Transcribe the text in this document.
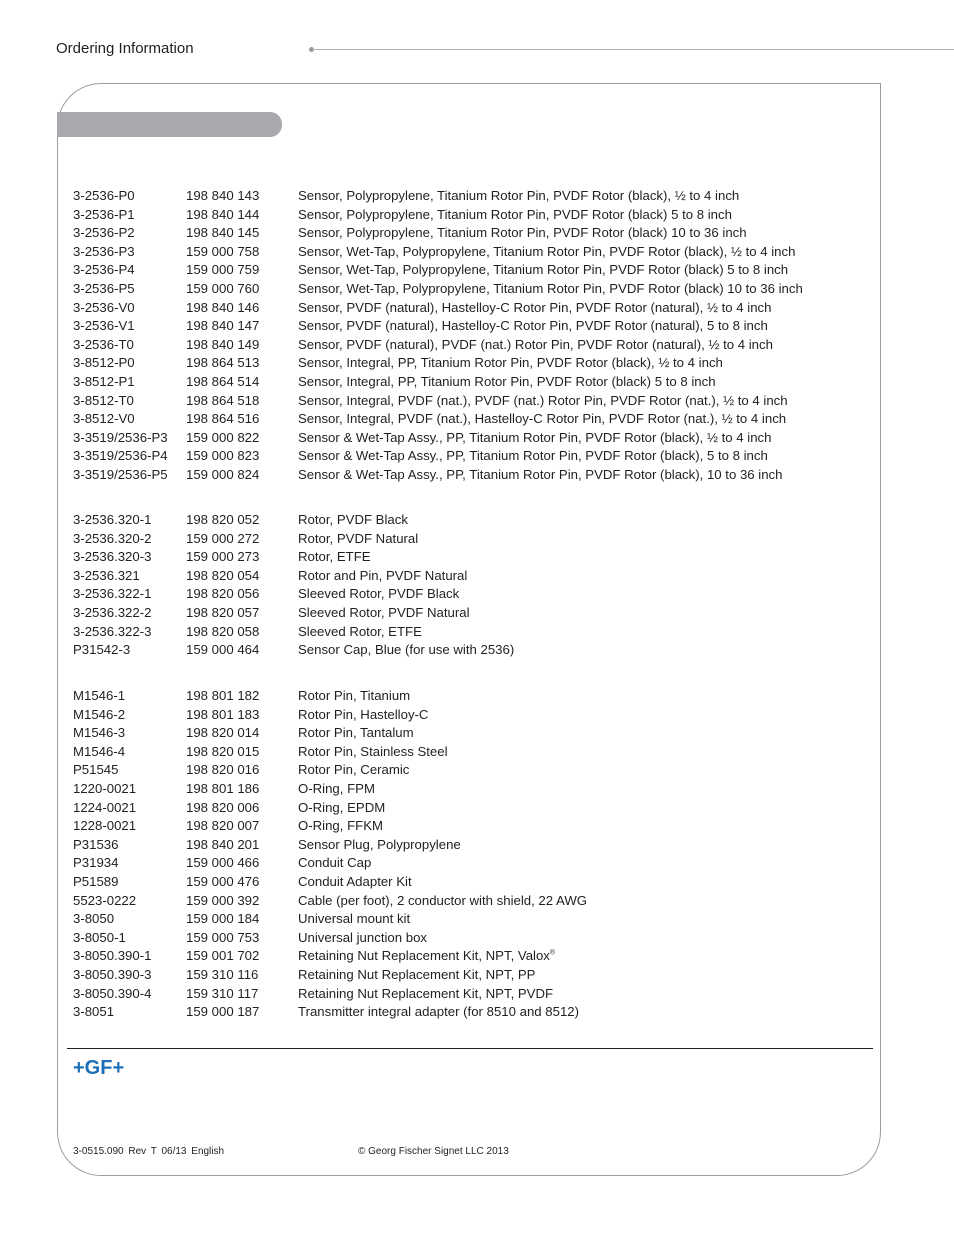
Ordering Information
3-2536-P0	198 840 143	Sensor, Polypropylene, Titanium Rotor Pin, PVDF Rotor (black), ½ to 4 inch
3-2536-P1	198 840 144	Sensor, Polypropylene, Titanium Rotor Pin, PVDF Rotor (black) 5 to 8 inch
3-2536-P2	198 840 145	Sensor, Polypropylene, Titanium Rotor Pin, PVDF Rotor (black) 10 to 36 inch
3-2536-P3	159 000 758	Sensor, Wet-Tap, Polypropylene, Titanium Rotor Pin, PVDF Rotor (black), ½ to 4 inch
3-2536-P4	159 000 759	Sensor, Wet-Tap, Polypropylene, Titanium Rotor Pin, PVDF Rotor (black) 5 to 8 inch
3-2536-P5	159 000 760	Sensor, Wet-Tap, Polypropylene, Titanium Rotor Pin, PVDF Rotor (black) 10 to 36 inch
3-2536-V0	198 840 146	Sensor, PVDF (natural), Hastelloy-C Rotor Pin, PVDF Rotor (natural), ½ to 4 inch
3-2536-V1	198 840 147	Sensor, PVDF (natural), Hastelloy-C Rotor Pin, PVDF Rotor (natural), 5 to 8 inch
3-2536-T0	198 840 149	Sensor, PVDF (natural), PVDF (nat.) Rotor Pin, PVDF Rotor (natural), ½ to 4 inch
3-8512-P0	198 864 513	Sensor, Integral, PP, Titanium Rotor Pin, PVDF Rotor (black), ½ to 4 inch
3-8512-P1	198 864 514	Sensor, Integral, PP, Titanium Rotor Pin, PVDF Rotor (black) 5 to 8 inch
3-8512-T0	198 864 518	Sensor, Integral, PVDF (nat.), PVDF (nat.) Rotor Pin, PVDF Rotor (nat.), ½ to 4 inch
3-8512-V0	198 864 516	Sensor, Integral, PVDF (nat.), Hastelloy-C Rotor Pin, PVDF Rotor (nat.), ½ to 4 inch
3-3519/2536-P3 159 000 822	Sensor & Wet-Tap Assy., PP, Titanium Rotor Pin, PVDF Rotor (black), ½ to 4 inch
3-3519/2536-P4 159 000 823	Sensor & Wet-Tap Assy., PP, Titanium Rotor Pin, PVDF Rotor (black), 5 to 8 inch
3-3519/2536-P5 159 000 824	Sensor & Wet-Tap Assy., PP, Titanium Rotor Pin, PVDF Rotor (black), 10 to 36 inch
3-2536.320-1	198 820 052	Rotor, PVDF Black
3-2536.320-2	159 000 272	Rotor, PVDF Natural
3-2536.320-3	159 000 273	Rotor, ETFE
3-2536.321	198 820 054	Rotor and Pin, PVDF Natural
3-2536.322-1	198 820 056	Sleeved Rotor, PVDF Black
3-2536.322-2	198 820 057	Sleeved Rotor, PVDF Natural
3-2536.322-3	198 820 058	Sleeved Rotor, ETFE
P31542-3	159 000 464	Sensor Cap, Blue (for use with 2536)
M1546-1	198 801 182	Rotor Pin, Titanium
M1546-2	198 801 183	Rotor Pin, Hastelloy-C
M1546-3	198 820 014	Rotor Pin, Tantalum
M1546-4	198 820 015	Rotor Pin, Stainless Steel
P51545	198 820 016	Rotor Pin, Ceramic
1220-0021	198 801 186	O-Ring, FPM
1224-0021	198 820 006	O-Ring, EPDM
1228-0021	198 820 007	O-Ring, FFKM
P31536	198 840 201	Sensor Plug, Polypropylene
P31934	159 000 466	Conduit Cap
P51589	159 000 476	Conduit Adapter Kit
5523-0222	159 000 392	Cable (per foot), 2 conductor with shield, 22 AWG
3-8050	159 000 184	Universal mount kit
3-8050-1	159 000 753	Universal junction box
3-8050.390-1	159 001 702	Retaining Nut Replacement Kit, NPT, Valox®
3-8050.390-3	159 310 116	Retaining Nut Replacement Kit, NPT, PP
3-8050.390-4	159 310 117	Retaining Nut Replacement Kit, NPT, PVDF
3-8051	159 000 187	Transmitter integral adapter (for 8510 and 8512)
+GF+
3-0515.090 Rev T 06/13 English	© Georg Fischer Signet LLC 2013
